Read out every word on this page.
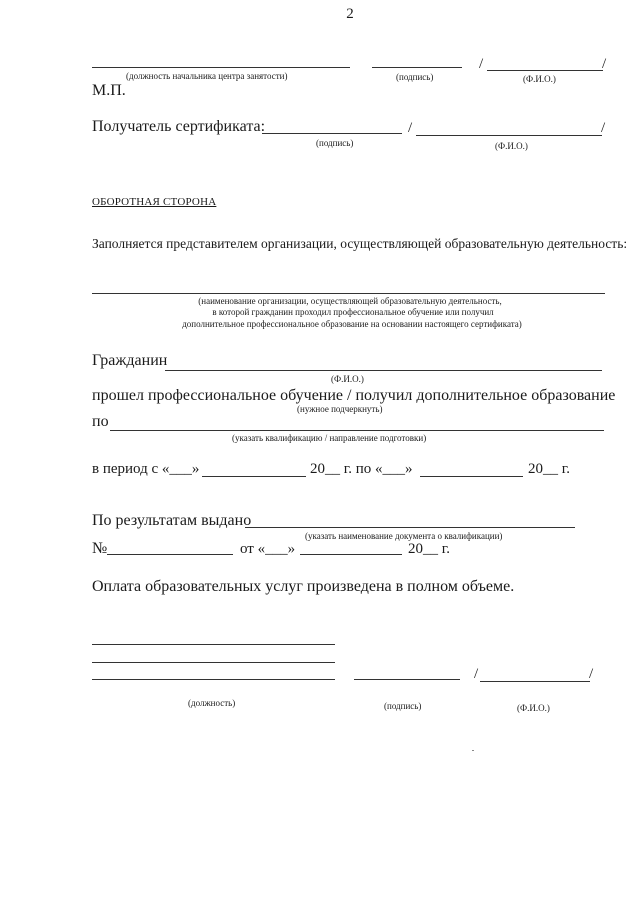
2
(должность начальника центра занятости)	(подпись)
/	/
(Ф.И.О.)
М.П.
Получатель сертификата:	/	/
(подпись)	(Ф.И.О.)
ОБОРОТНАЯ СТОРОНА
Заполняется представителем организации, осуществляющей образовательную деятельность:
(наименование организации, осуществляющей образовательную деятельность,
в которой гражданин проходил профессиональное обучение или получил
дополнительное профессиональное образование на основании настоящего сертификата)
Гражданин
(Ф.И.О.)
прошел профессиональное обучение / получил дополнительное образование
(нужное подчеркнуть)
по
(указать квалификацию / направление подготовки)
в период с «___»	20__ г. по «___»	20__ г.
По результатам выдано
(указать наименование документа о квалификации)
№	от «___»	20__ г.
Оплата образовательных услуг произведена в полном объеме.
/	/
(должность)	(подпись)	(Ф.И.О.)
